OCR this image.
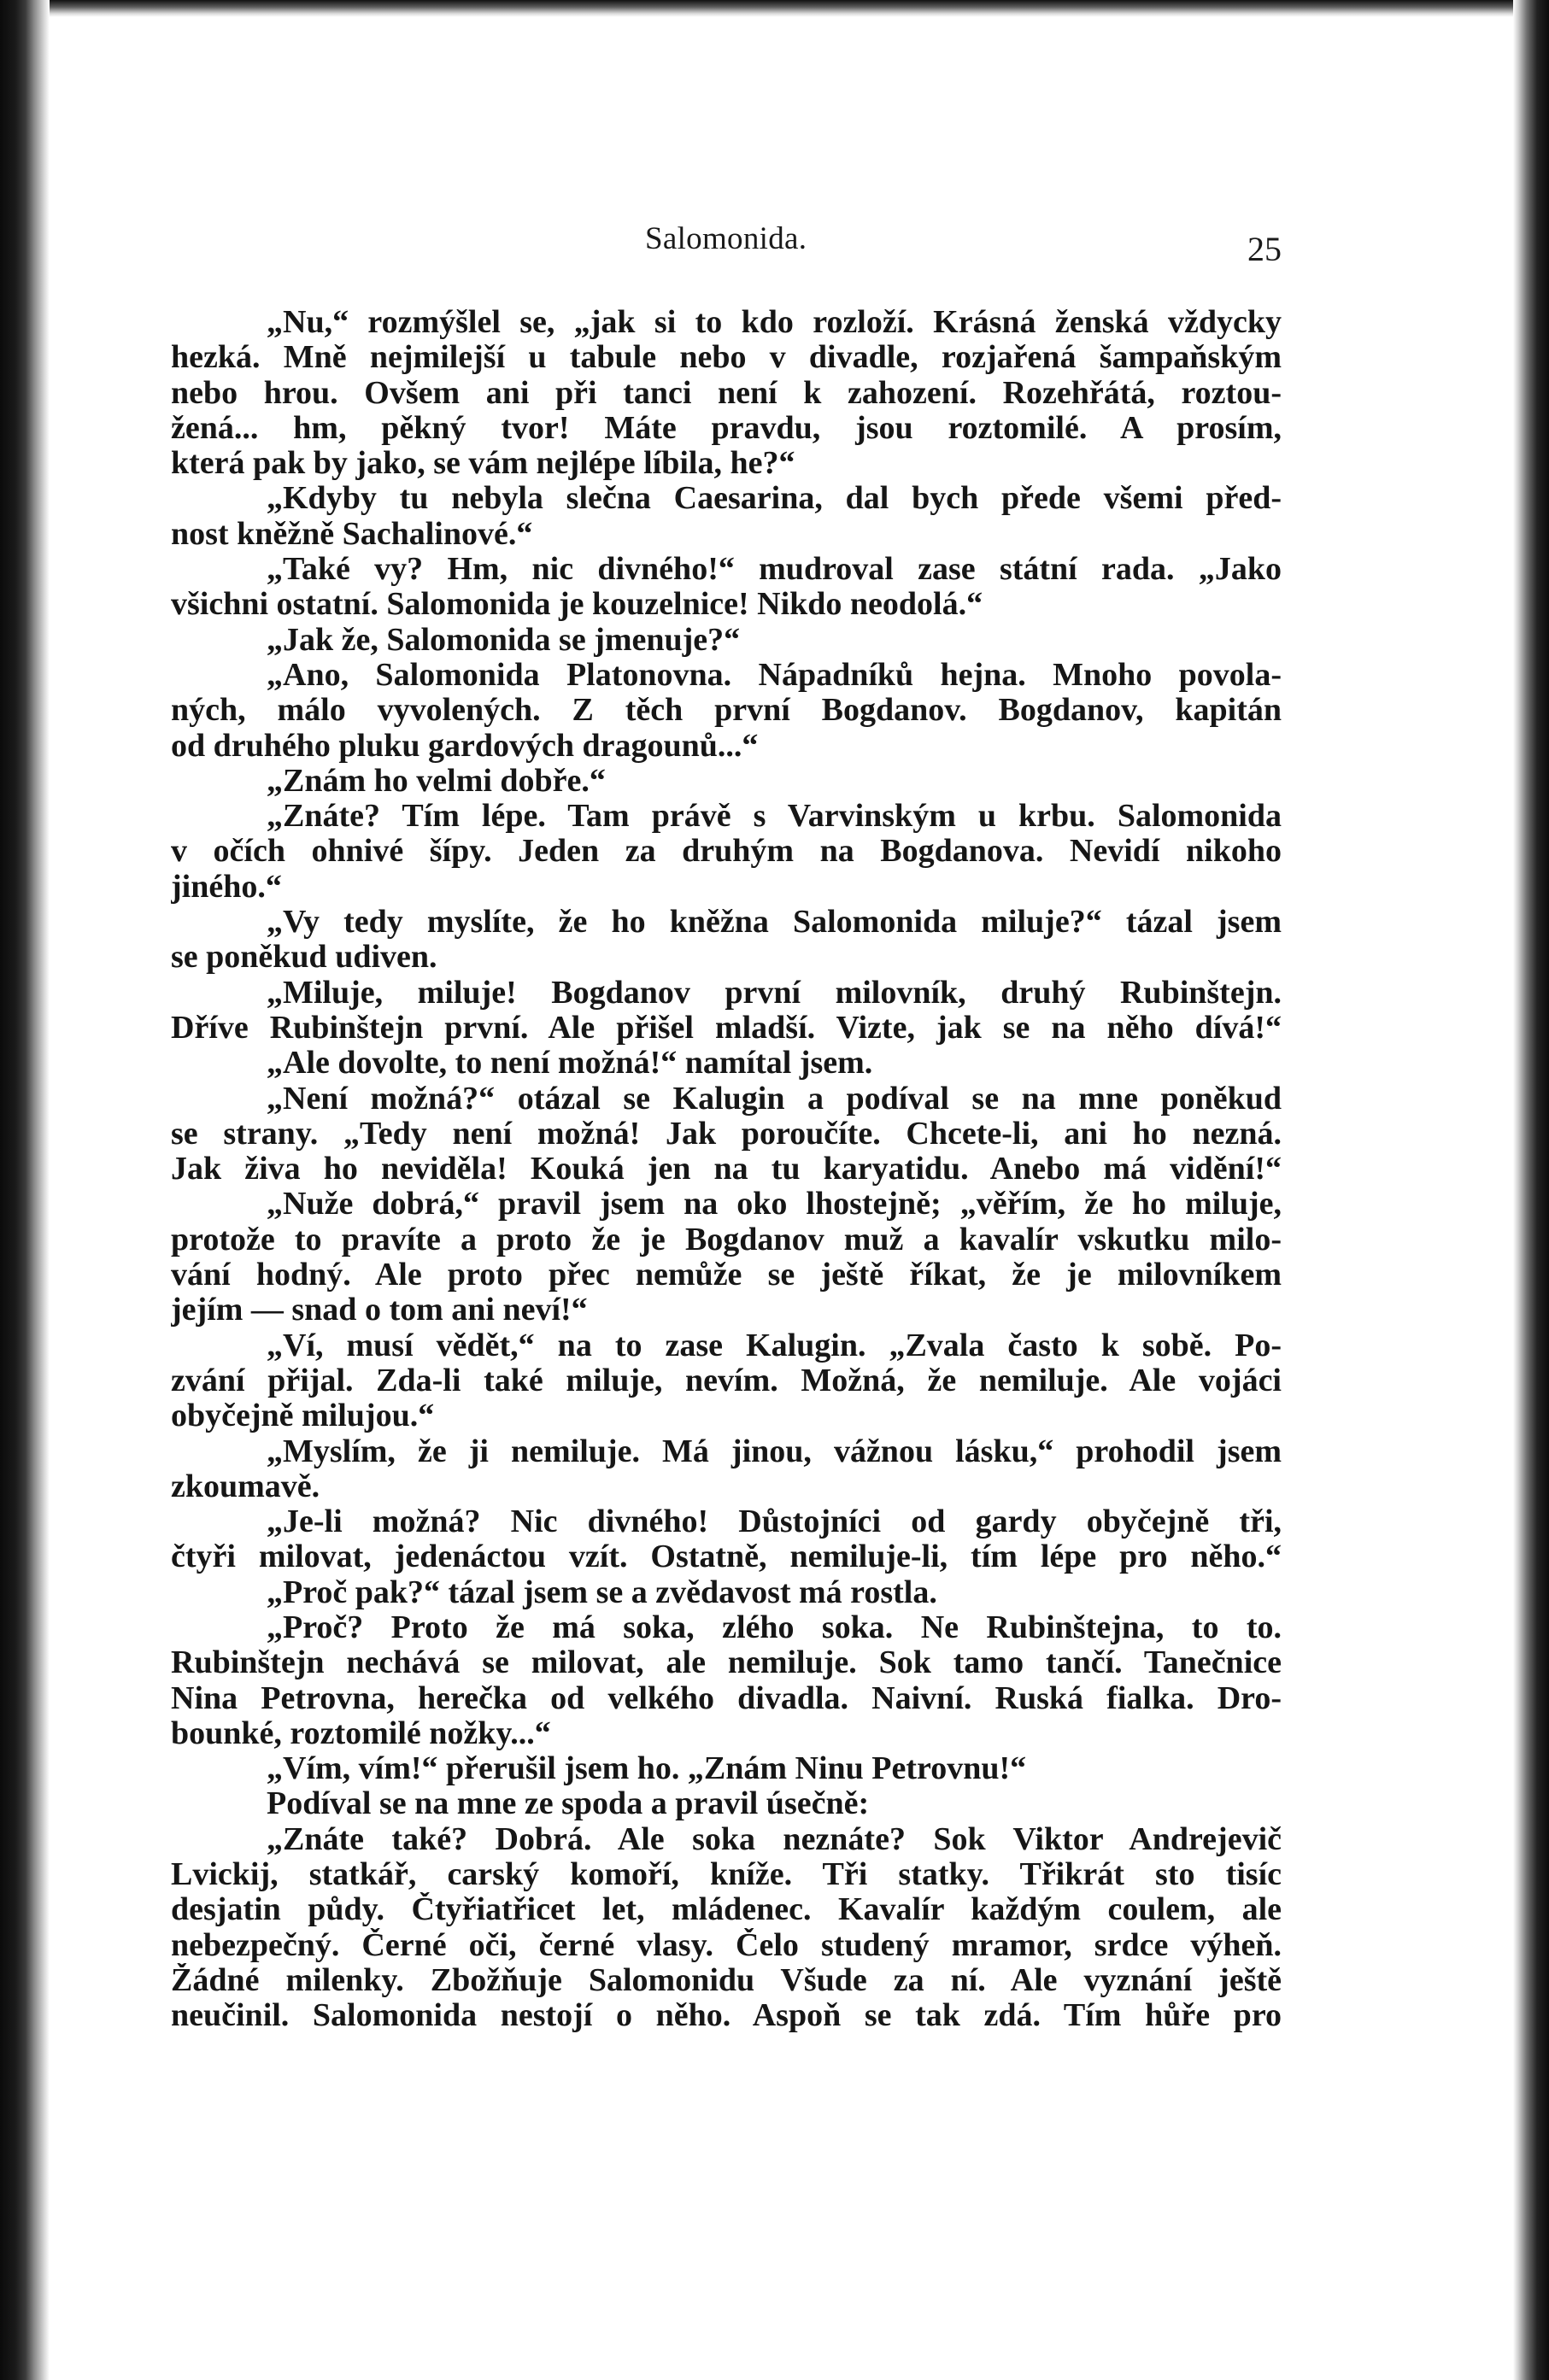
Salomonida.	25
„Nu,“ rozmýšlel se, „jak si to kdo rozloží. Krásná ženská vždycky
hezká. Mně nejmilejší u tabule nebo v divadle, rozjařená šampaňským
nebo hrou. Ovšem ani při tanci není k zahození. Rozehřátá, roztou-
žená... hm, pěkný tvor! Máte pravdu, jsou roztomilé. A prosím,
která pak by jako, se vám nejlépe líbila, he?“
„Kdyby tu nebyla slečna Caesarina, dal bych přede všemi před-
nost kněžně Sachalinové.“
„Také vy? Hm, nic divného!“ mudroval zase státní rada. „Jako
všichni ostatní. Salomonida je kouzelnice! Nikdo neodolá.“
„Jak že, Salomonida se jmenuje?“
„Ano, Salomonida Platonovna. Nápadníků hejna. Mnoho povola-
ných, málo vyvolených. Z těch první Bogdanov. Bogdanov, kapitán
od druhého pluku gardových dragounů...“
„Znám ho velmi dobře.“
„Znáte? Tím lépe. Tam právě s Varvinským u krbu. Salomonida
v očích ohnivé šípy. Jeden za druhým na Bogdanova. Nevidí nikoho
jiného.“
„Vy tedy myslíte, že ho kněžna Salomonida miluje?“ tázal jsem
se poněkud udiven.
„Miluje, miluje! Bogdanov první milovník, druhý Rubinštejn.
Dříve Rubinštejn první. Ale přišel mladší. Vizte, jak se na něho dívá!“
„Ale dovolte, to není možná!“ namítal jsem.
„Není možná?“ otázal se Kalugin a podíval se na mne poněkud
se strany. „Tedy není možná! Jak poroučíte. Chcete-li, ani ho nezná.
Jak živa ho neviděla! Kouká jen na tu karyatidu. Anebo má vidění!“
„Nuže dobrá,“ pravil jsem na oko lhostejně; „věřím, že ho miluje,
protože to pravíte a proto že je Bogdanov muž a kavalír vskutku milo-
vání hodný. Ale proto přec nemůže se ještě říkat, že je milovníkem
jejím — snad o tom ani neví!“
„Ví, musí vědět,“ na to zase Kalugin. „Zvala často k sobě. Po-
zvání přijal. Zda-li také miluje, nevím. Možná, že nemiluje. Ale vojáci
obyčejně milujou.“
„Myslím, že ji nemiluje. Má jinou, vážnou lásku,“ prohodil jsem
zkoumavě.
„Je-li možná? Nic divného! Důstojníci od gardy obyčejně tři,
čtyři milovat, jedenáctou vzít. Ostatně, nemiluje-li, tím lépe pro něho.“
„Proč pak?“ tázal jsem se a zvědavost má rostla.
„Proč? Proto že má soka, zlého soka. Ne Rubinštejna, to to.
Rubinštejn nechává se milovat, ale nemiluje. Sok tamo tančí. Tanečnice
Nina Petrovna, herečka od velkého divadla. Naivní. Ruská fialka. Dro-
bounké, roztomilé nožky...“
„Vím, vím!“ přerušil jsem ho. „Znám Ninu Petrovnu!“
Podíval se na mne ze spoda a pravil úsečně:
„Znáte také? Dobrá. Ale soka neznáte? Sok Viktor Andrejevič
Lvickij, statkář, carský komoří, kníže. Tři statky. Třikrát sto tisíc
desjatin půdy. Čtyřiatřicet let, mládenec. Kavalír každým coulem, ale
nebezpečný. Černé oči, černé vlasy. Čelo studený mramor, srdce výheň.
Žádné milenky. Zbožňuje Salomonidu Všude za ní. Ale vyznání ještě
neučinil. Salomonida nestojí o něho. Aspoň se tak zdá. Tím hůře pro
